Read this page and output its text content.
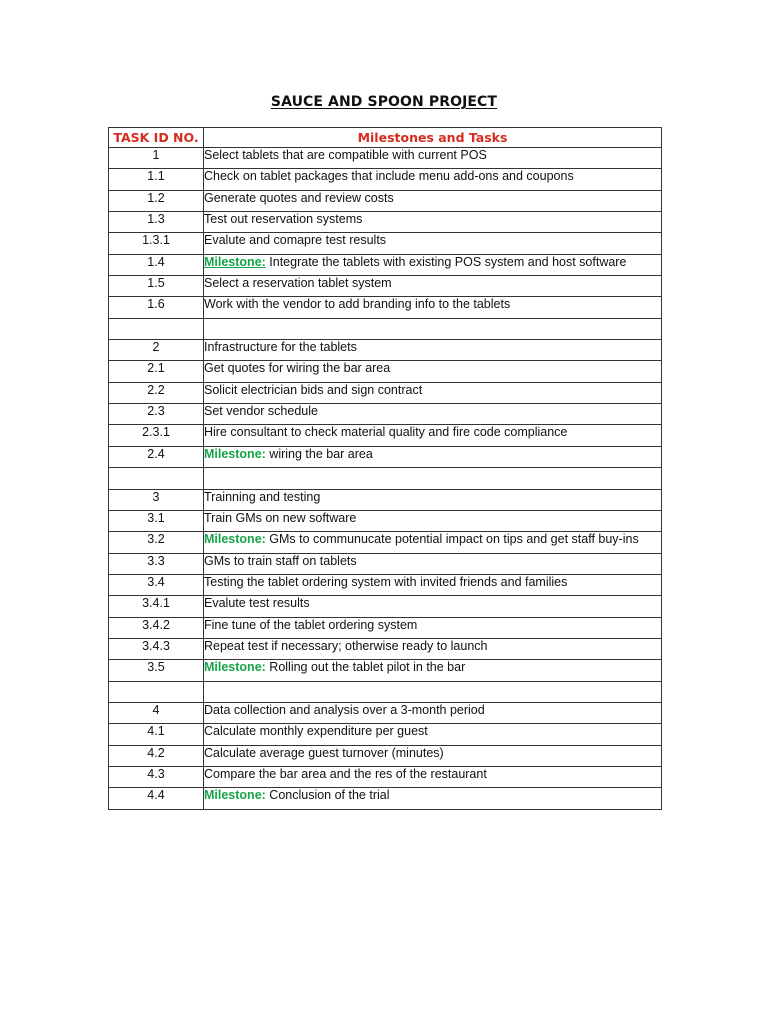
SAUCE AND SPOON PROJECT
TASK ID NO.	Milestones and Tasks
1	Select tablets that are compatible with current POS
1.1	Check on tablet packages that include menu add-ons and coupons
1.2	Generate quotes and review costs
1.3	Test out reservation systems
1.3.1	Evalute and comapre test results
1.4	Milestone: Integrate the tablets with existing POS system and host software
1.5	Select a reservation tablet system
1.6	Work with the vendor to add branding info to the tablets

2	Infrastructure for the tablets
2.1	Get quotes for wiring the bar area
2.2	Solicit electrician bids and sign contract
2.3	Set vendor schedule
2.3.1	Hire consultant to check material quality and fire code compliance
2.4	Milestone: wiring the bar area

3	Trainning and testing
3.1	Train GMs on new software
3.2	Milestone: GMs to communucate potential impact on tips and get staff buy-ins
3.3	GMs to train staff on tablets
3.4	Testing the tablet ordering system with invited friends and families
3.4.1	Evalute test results
3.4.2	Fine tune of the tablet ordering system
3.4.3	Repeat test if necessary; otherwise ready to launch
3.5	Milestone: Rolling out the tablet pilot in the bar

4	Data collection and analysis over a 3-month period
4.1	Calculate monthly expenditure per guest
4.2	Calculate average guest turnover (minutes)
4.3	Compare the bar area and the res of the restaurant
4.4	Milestone: Conclusion of the trial
